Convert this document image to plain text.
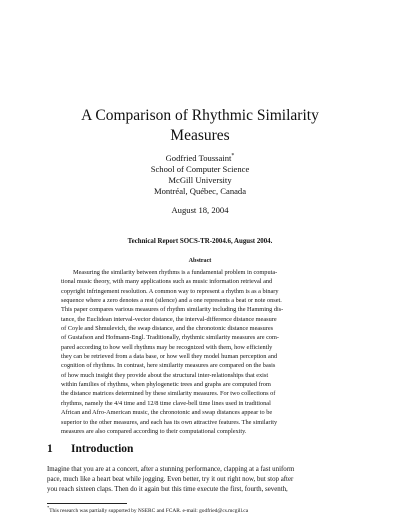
A Comparison of Rhythmic Similarity
Measures
Godfried Toussaint*
School of Computer Science
McGill University
Montréal, Québec, Canada
August 18, 2004
Technical Report SOCS-TR-2004.6, August 2004.
Abstract
Measuring the similarity between rhythms is a fundamental problem in computa-
tional music theory, with many applications such as music information retrieval and
copyright infringement resolution. A common way to represent a rhythm is as a binary
sequence where a zero denotes a rest (silence) and a one represents a beat or note onset.
This paper compares various measures of rhythm similarity including the Hamming dis-
tance, the Euclidean interval-vector distance, the interval-difference distance measure
of Coyle and Shmulevich, the swap distance, and the chronotonic distance measures
of Gustafson and Hofmann-Engl. Traditionally, rhythmic similarity measures are com-
pared according to how well rhythms may be recognized with them, how efficiently
they can be retrieved from a data base, or how well they model human perception and
cognition of rhythms. In contrast, here similarity measures are compared on the basis
of how much insight they provide about the structural inter-relationships that exist
within families of rhythms, when phylogenetic trees and graphs are computed from
the distance matrices determined by these similarity measures. For two collections of
rhythms, namely the 4/4 time and 12/8 time clave-bell time lines used in traditional
African and Afro-American music, the chronotonic and swap distances appear to be
superior to the other measures, and each has its own attractive features. The similarity
measures are also compared according to their computational complexity.
1 Introduction
Imagine that you are at a concert, after a stunning performance, clapping at a fast uniform
pace, much like a heart beat while jogging. Even better, try it out right now, but stop after
you reach sixteen claps. Then do it again but this time execute the first, fourth, seventh,
*This research was partially supported by NSERC and FCAR. e-mail: godfried@cs.mcgill.ca
